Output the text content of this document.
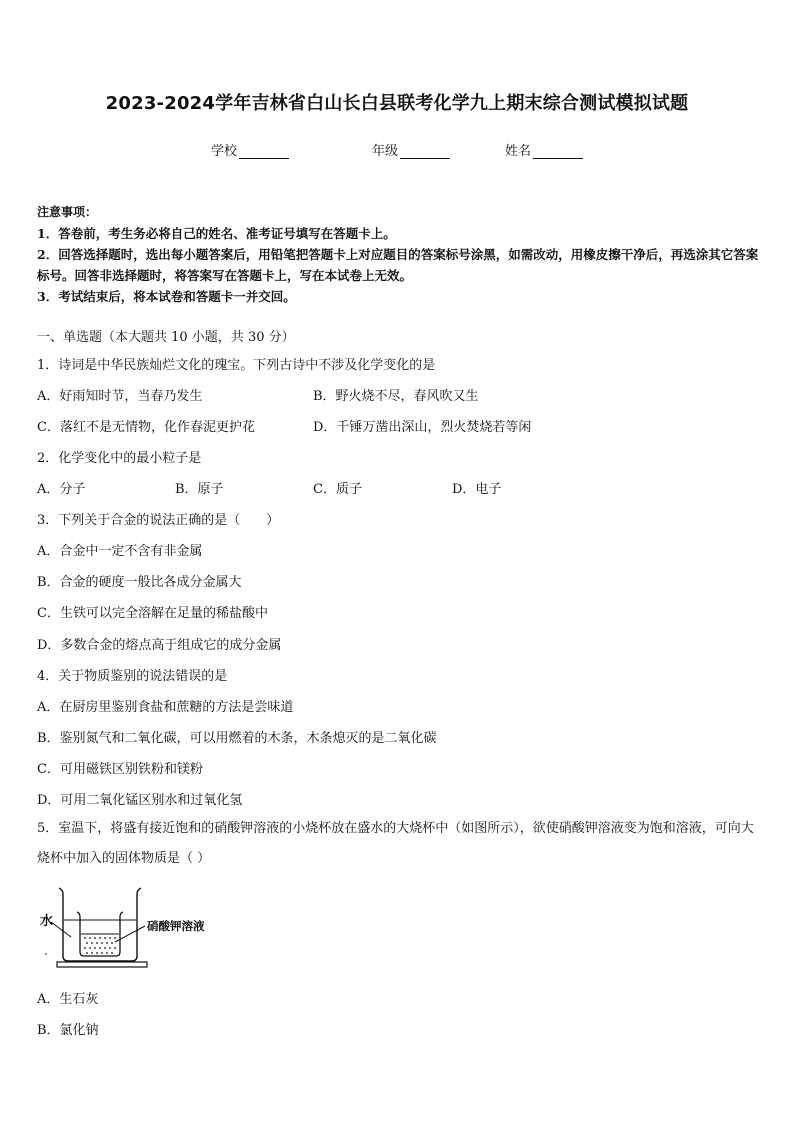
2023-2024学年吉林省白山长白县联考化学九上期末综合测试模拟试题
学校	年级	姓名
注意事项：
1．答卷前，考生务必将自己的姓名、准考证号填写在答题卡上。
2．回答选择题时，选出每小题答案后，用铅笔把答题卡上对应题目的答案标号涂黑，如需改动，用橡皮擦干净后，再选涂其它答案标号。回答非选择题时，将答案写在答题卡上，写在本试卷上无效。
3．考试结束后，将本试卷和答题卡一并交回。
一、单选题（本大题共 10 小题，共 30 分）
1．诗词是中华民族灿烂文化的瑰宝。下列古诗中不涉及化学变化的是
A．好雨知时节，当春乃发生	B．野火烧不尽，春风吹又生
C．落红不是无情物，化作春泥更护花	D．千锤万凿出深山，烈火焚烧若等闲
2．化学变化中的最小粒子是
A．分子	B．原子	C．质子	D．电子
3．下列关于合金的说法正确的是（　　）
A．合金中一定不含有非金属
B．合金的硬度一般比各成分金属大
C．生铁可以完全溶解在足量的稀盐酸中
D．多数合金的熔点高于组成它的成分金属
4．关于物质鉴别的说法错误的是
A．在厨房里鉴别食盐和蔗糖的方法是尝味道
B．鉴别氮气和二氧化碳，可以用燃着的木条，木条熄灭的是二氧化碳
C．可用磁铁区别铁粉和镁粉
D．可用二氧化锰区别水和过氧化氢
5．室温下，将盛有接近饱和的硝酸钾溶液的小烧杯放在盛水的大烧杯中（如图所示），欲使硝酸钾溶液变为饱和溶液，可向大烧杯中加入的固体物质是（ ）
水	硝酸钾溶液
A．生石灰
B．氯化钠
